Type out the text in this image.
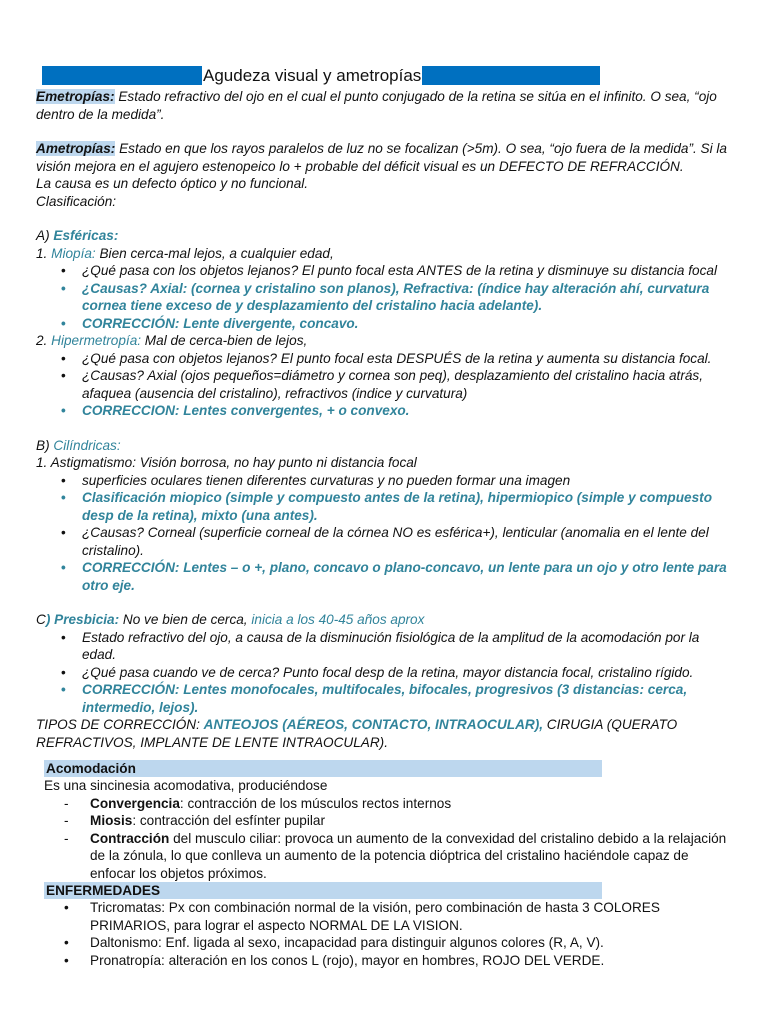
Agudeza visual y ametropías

Emetropías: Estado refractivo del ojo en el cual el punto conjugado de la retina se sitúa en el infinito. O sea, “ojo dentro de la medida”.

Ametropías: Estado en que los rayos paralelos de luz no se focalizan (>5m). O sea, “ojo fuera de la medida”. Si la visión mejora en el agujero estenopeico lo + probable del déficit visual es un DEFECTO DE REFRACCIÓN.

La causa es un defecto óptico y no funcional.

Clasificación:

A) Esféricas:

1. Miopía: Bien cerca-mal lejos, a cualquier edad,

• ¿Qué pasa con los objetos lejanos? El punto focal esta ANTES de la retina y disminuye su distancia focal
• ¿Causas? Axial: (cornea y cristalino son planos), Refractiva: (índice hay alteración ahí, curvatura cornea tiene exceso de y desplazamiento del cristalino hacia adelante).
• CORRECCIÓN: Lente divergente, concavo.

2. Hipermetropía: Mal de cerca-bien de lejos,

• ¿Qué pasa con objetos lejanos? El punto focal esta DESPUÉS de la retina y aumenta su distancia focal.
• ¿Causas? Axial (ojos pequeños=diámetro y cornea son peq), desplazamiento del cristalino hacia atrás, afaquea (ausencia del cristalino), refractivos (indice y curvatura)
• CORRECCION: Lentes convergentes, + o convexo.

B) Cilíndricas:

1. Astigmatismo: Visión borrosa, no hay punto ni distancia focal

• superficies oculares tienen diferentes curvaturas y no pueden formar una imagen
• Clasificación miopico (simple y compuesto antes de la retina), hipermiopico (simple y compuesto desp de la retina), mixto (una antes).
• ¿Causas? Corneal (superficie corneal de la córnea NO es esférica+), lenticular (anomalia en el lente del cristalino).
• CORRECCIÓN: Lentes – o +, plano, concavo o plano-concavo, un lente para un ojo y otro lente para otro eje.

C) Presbicia: No ve bien de cerca, inicia a los 40-45 años aprox

• Estado refractivo del ojo, a causa de la disminución fisiológica de la amplitud de la acomodación por la edad.
• ¿Qué pasa cuando ve de cerca? Punto focal desp de la retina, mayor distancia focal, cristalino rígido.
• CORRECCIÓN: Lentes monofocales, multifocales, bifocales, progresivos (3 distancias: cerca, intermedio, lejos).

TIPOS DE CORRECCIÓN: ANTEOJOS (AÉREOS, CONTACTO, INTRAOCULAR), CIRUGIA (QUERATO REFRACTIVOS, IMPLANTE DE LENTE INTRAOCULAR).

Acomodación

Es una sincinesia acomodativa, produciéndose

- Convergencia: contracción de los músculos rectos internos
- Miosis: contracción del esfínter pupilar
- Contracción del musculo ciliar: provoca un aumento de la convexidad del cristalino debido a la relajación de la zónula, lo que conlleva un aumento de la potencia dióptrica del cristalino haciéndole capaz de enfocar los objetos próximos.
ENFERMEDADES
• Tricromatas: Px con combinación normal de la visión, pero combinación de hasta 3 COLORES PRIMARIOS, para lograr el aspecto NORMAL DE LA VISION.
• Daltonismo: Enf. ligada al sexo, incapacidad para distinguir algunos colores (R, A, V).
• Pronatropía: alteración en los conos L (rojo), mayor en hombres, ROJO DEL VERDE.
